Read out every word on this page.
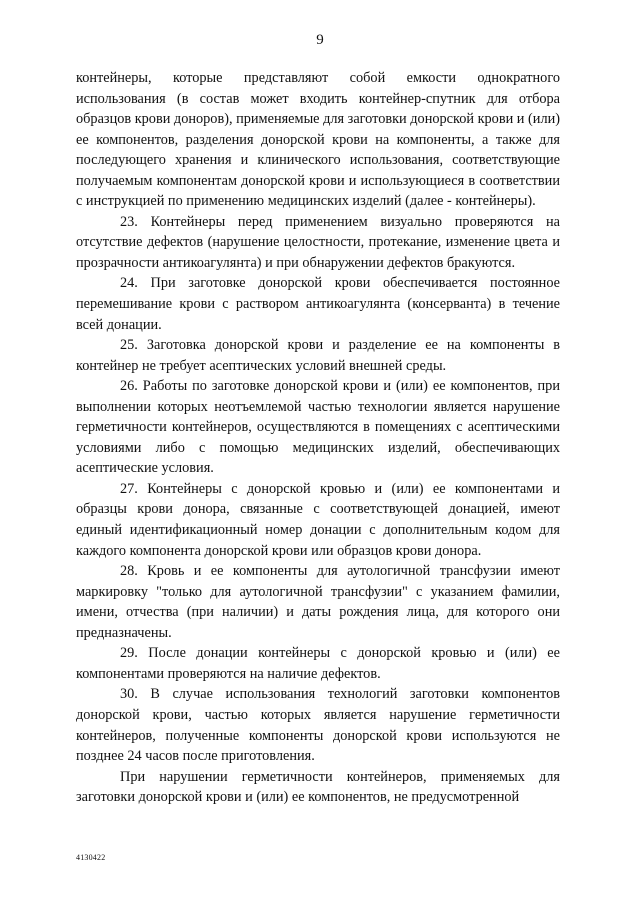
9

контейнеры, которые представляют собой емкости однократного использования (в состав может входить контейнер-спутник для отбора образцов крови доноров), применяемые для заготовки донорской крови и (или) ее компонентов, разделения донорской крови на компоненты, а также для последующего хранения и клинического использования, соответствующие получаемым компонентам донорской крови и использующиеся в соответствии с инструкцией по применению медицинских изделий (далее - контейнеры).

23. Контейнеры перед применением визуально проверяются на отсутствие дефектов (нарушение целостности, протекание, изменение цвета и прозрачности антикоагулянта) и при обнаружении дефектов бракуются.

24. При заготовке донорской крови обеспечивается постоянное перемешивание крови с раствором антикоагулянта (консерванта) в течение всей донации.

25. Заготовка донорской крови и разделение ее на компоненты в контейнер не требует асептических условий внешней среды.

26. Работы по заготовке донорской крови и (или) ее компонентов, при выполнении которых неотъемлемой частью технологии является нарушение герметичности контейнеров, осуществляются в помещениях с асептическими условиями либо с помощью медицинских изделий, обеспечивающих асептические условия.

27. Контейнеры с донорской кровью и (или) ее компонентами и образцы крови донора, связанные с соответствующей донацией, имеют единый идентификационный номер донации с дополнительным кодом для каждого компонента донорской крови или образцов крови донора.

28. Кровь и ее компоненты для аутологичной трансфузии имеют маркировку "только для аутологичной трансфузии" с указанием фамилии, имени, отчества (при наличии) и даты рождения лица, для которого они предназначены.

29. После донации контейнеры с донорской кровью и (или) ее компонентами проверяются на наличие дефектов.

30. В случае использования технологий заготовки компонентов донорской крови, частью которых является нарушение герметичности контейнеров, полученные компоненты донорской крови используются не позднее 24 часов после приготовления.

При нарушении герметичности контейнеров, применяемых для заготовки донорской крови и (или) ее компонентов, не предусмотренной

4130422
